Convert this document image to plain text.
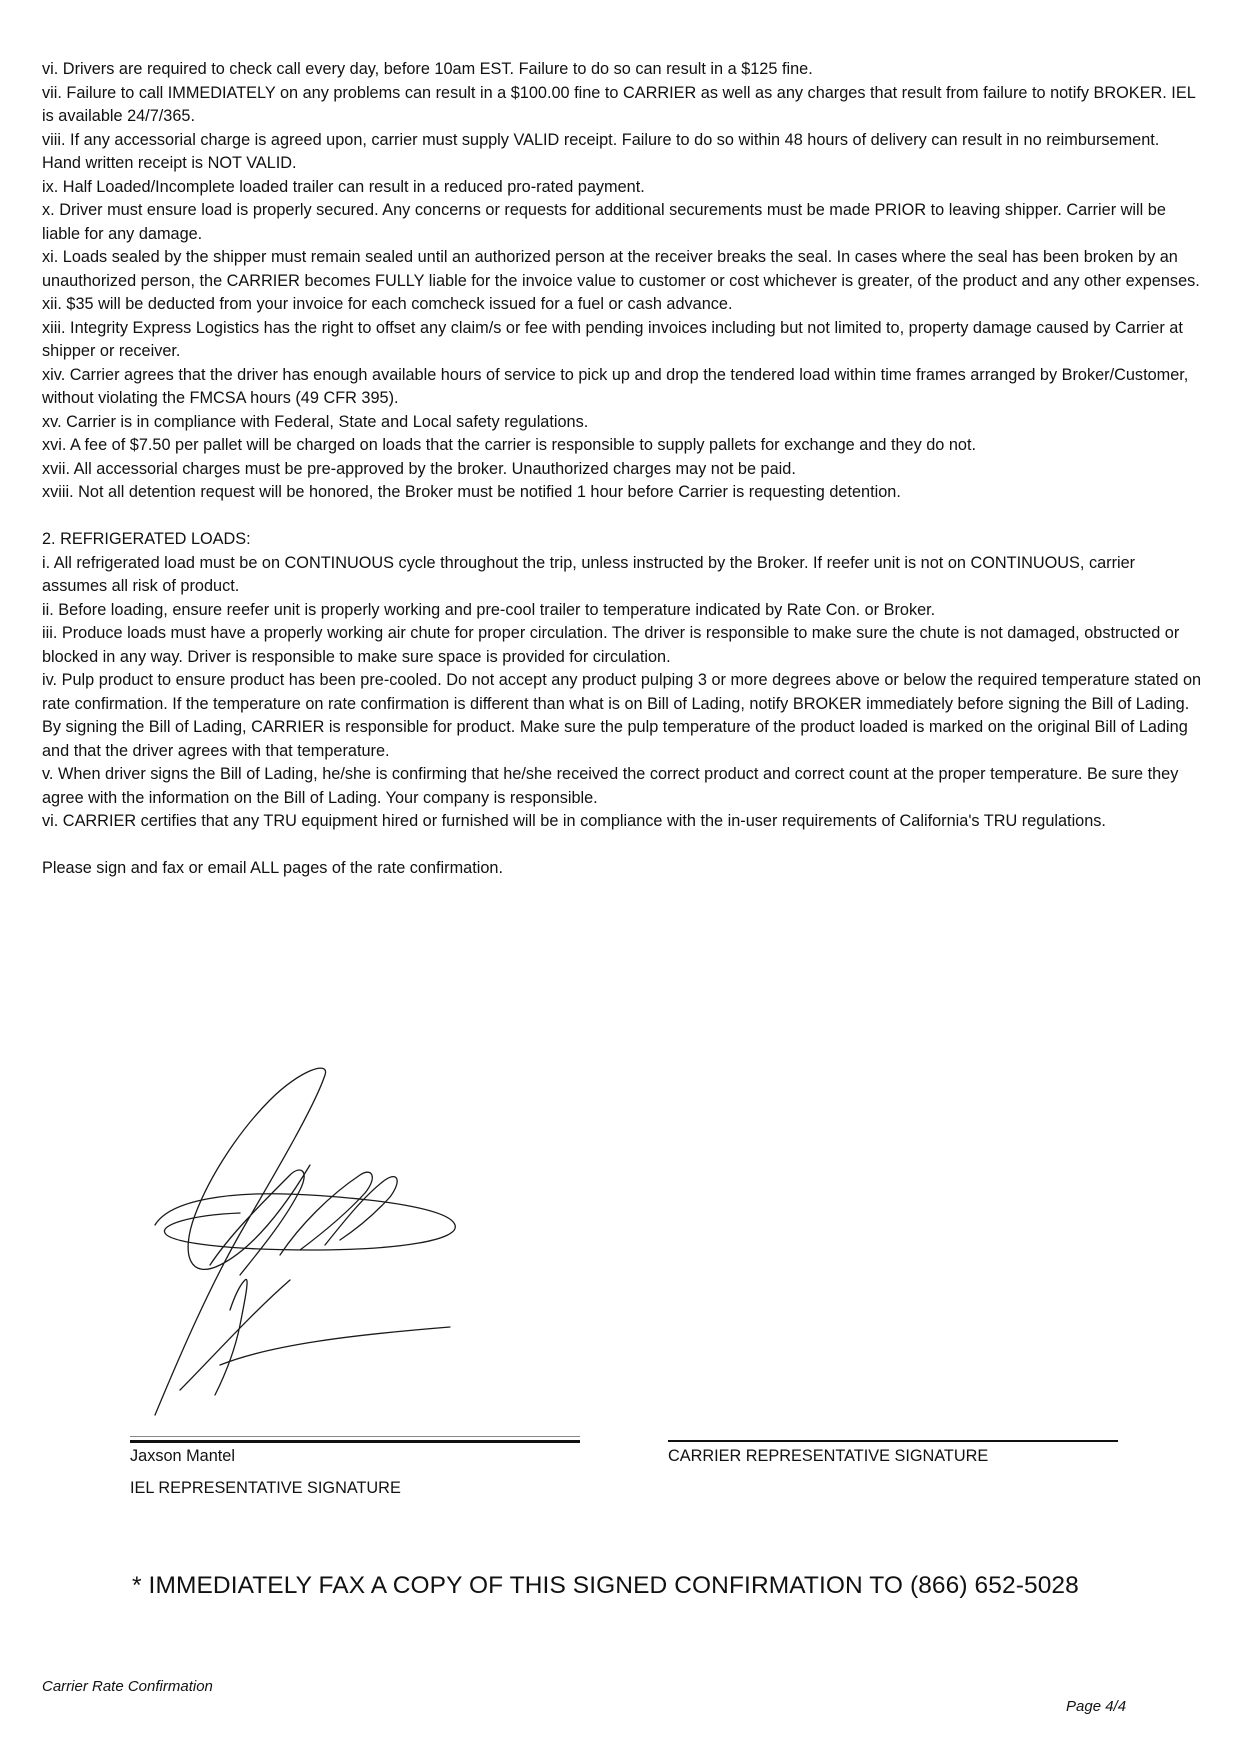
vi. Drivers are required to check call every day, before 10am EST. Failure to do so can result in a $125 fine.

vii. Failure to call IMMEDIATELY on any problems can result in a $100.00 fine to CARRIER as well as any charges that result from failure to notify BROKER. IEL is available 24/7/365.

viii. If any accessorial charge is agreed upon, carrier must supply VALID receipt. Failure to do so within 48 hours of delivery can result in no reimbursement. Hand written receipt is NOT VALID.

ix. Half Loaded/Incomplete loaded trailer can result in a reduced pro-rated payment.

x. Driver must ensure load is properly secured. Any concerns or requests for additional securements must be made PRIOR to leaving shipper. Carrier will be liable for any damage.

xi. Loads sealed by the shipper must remain sealed until an authorized person at the receiver breaks the seal. In cases where the seal has been broken by an unauthorized person, the CARRIER becomes FULLY liable for the invoice value to customer or cost whichever is greater, of the product and any other expenses.

xii. $35 will be deducted from your invoice for each comcheck issued for a fuel or cash advance.

xiii. Integrity Express Logistics has the right to offset any claim/s or fee with pending invoices including but not limited to, property damage caused by Carrier at shipper or receiver.

xiv. Carrier agrees that the driver has enough available hours of service to pick up and drop the tendered load within time frames arranged by Broker/Customer, without violating the FMCSA hours (49 CFR 395).

xv. Carrier is in compliance with Federal, State and Local safety regulations.

xvi. A fee of $7.50 per pallet will be charged on loads that the carrier is responsible to supply pallets for exchange and they do not.

xvii. All accessorial charges must be pre-approved by the broker. Unauthorized charges may not be paid.

xviii. Not all detention request will be honored, the Broker must be notified 1 hour before Carrier is requesting detention.

2. REFRIGERATED LOADS:

i. All refrigerated load must be on CONTINUOUS cycle throughout the trip, unless instructed by the Broker. If reefer unit is not on CONTINUOUS, carrier assumes all risk of product.

ii. Before loading, ensure reefer unit is properly working and pre-cool trailer to temperature indicated by Rate Con. or Broker.

iii. Produce loads must have a properly working air chute for proper circulation. The driver is responsible to make sure the chute is not damaged, obstructed or blocked in any way. Driver is responsible to make sure space is provided for circulation.

iv. Pulp product to ensure product has been pre-cooled. Do not accept any product pulping 3 or more degrees above or below the required temperature stated on rate confirmation. If the temperature on rate confirmation is different than what is on Bill of Lading, notify BROKER immediately before signing the Bill of Lading. By signing the Bill of Lading, CARRIER is responsible for product. Make sure the pulp temperature of the product loaded is marked on the original Bill of Lading and that the driver agrees with that temperature.

v. When driver signs the Bill of Lading, he/she is confirming that he/she received the correct product and correct count at the proper temperature. Be sure they agree with the information on the Bill of Lading. Your company is responsible.

vi. CARRIER certifies that any TRU equipment hired or furnished will be in compliance with the in-user requirements of California's TRU regulations.

Please sign and fax or email ALL pages of the rate confirmation.

Jaxson Mantel
IEL REPRESENTATIVE SIGNATURE
CARRIER REPRESENTATIVE SIGNATURE
* IMMEDIATELY FAX A COPY OF THIS SIGNED CONFIRMATION TO (866) 652-5028
Carrier Rate Confirmation
Page 4/4
